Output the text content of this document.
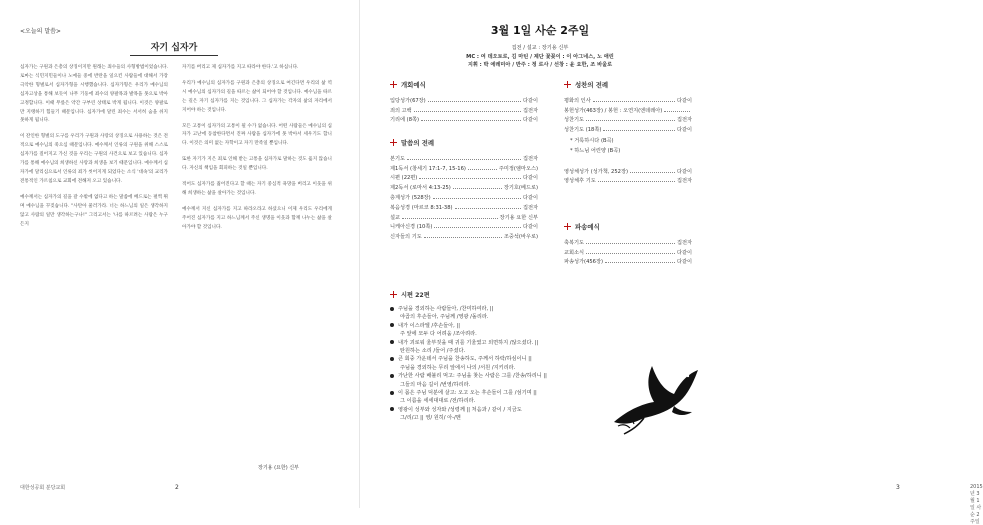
<오늘의 말씀>
자기 십자가

십자가는 구원과 은총의 상징이지만 원래는 죄수들의 사형방법이었습니다. 로마는 식민지민들이나 노예들 중에 반란을 일으킨 사람들에 대해서 가장 극악한 형벌로서 십자가형을 시행했습니다. 십자가형은 우리가 예수님의 십자고상을 통해 보듯이 나무 기둥에 죄수의 양팔목과 발목을 못으로 박아 고정합니다. 이때 무릎은 약간 구부린 상태로 박게 됩니다. 이것은 양팔로만 지탱하기 힘들기 때문입니다. 십자가에 달린 죄수는 서서히 숨을 쉬지 못하게 됩니다.

이 잔인한 형벌의 도구를 우리가 구원과 사랑의 상징으로 사용하는 것은 전적으로 예수님의 죽으심 때문입니다. 예수께서 인류의 구원을 위해 스스로 십자가를 질어지고 가신 것을 우리는 구원의 사건으로 보고 있습니다. 십자가를 통해 예수님의 희생하신 사랑과 희생을 보기 때문입니다. 예수께서 십자가에 달리심으로서 인류의 죄가 씻어지게 되었다는 소식 '대속'의 교리가 전통적인 가르침으로 교회에 전해져 오고 있습니다.

예수께서는 십자가의 길을 갈 수밖에 없다고 하는 말씀에 베드로는 펄쩍 뛰며 예수님을 꾸짖습니다. "사탄아 물러가라. 너는 하느님의 일은 생각하지 않고 사람의 일만 생각하는구나!" 그리고서는 '나를 따르려는 사람은 누구든지

자기를 버리고 제 십자가를 지고 따라야 한다.'고 하십니다.

우리가 예수님의 십자가를 구원과 은총의 상징으로 여긴다면 우리의 삶 역시 예수님의 십자가의 길을 따르는 삶이 되어야 할 것입니다. 예수님을 따르는 길은 자기 십자가를 지는 것입니다. 그 십자가는 각자의 삶의 자리에서 지어야 하는 것입니다.

모든 고통이 십자가의 고통이 될 수가 없습니다. 어떤 사람들은 예수님의 십자가 고난에 동참한다면서 진짜 사람을 십자가에 못 박아서 세우기도 합니다. 이것은 의미 없는 자학이고 자기 만족일 뿐입니다.

또한 자기가 지은 죄로 인해 받는 고통을 십자가로 말하는 것도 옳지 않습니다. 자신의 책임을 회피하는 것일 뿐입니다.

적어도 십자가를 짊어진다고 할 때는 자기 중심적 욕망을 버리고 이웃을 위해 희생하는 삶을 살아가는 것입니다.

예수께서 지신 십자가를 지고 따라오라고 하셨으니 이제 우리도 우리에게 주어진 십자가를 지고 하느님께서 주신 생명을 이웃과 함께 나누는 삶을 살아가야 할 것입니다.

장기용 (요한) 신부
대한성공회 분당교회	2
3월 1일 사순 2주일
집전 / 설교 : 장기용 신부
MC : 여 데오토로, 김 마틴 / 제단 꽃꽂이 : 이 아그네스, 노 애린
지휘 : 박 에레미아 / 반주 : 정 로사 / 선창 : 윤 요한, 조 바울로
개회예식
입당성가(67장)	다같이
죄의 고백	집전자
기리에 (8쪽)	다같이
말씀의 전례
본기도	집전자
제1독서 (창세기 17:1-7, 15-16)	주미정(엠마오스)
시편 (22편)	다같이
제2독서 (로마서 4:13-25)	장기호(베드로)
층계성가 (528장)	다같이
복음성경 (마르코 8:31-38)	집전자
설교	장기용 요한 신부
니케아신경 (10쪽)	다같이
신자들의 기도	조중석(바우로)
성찬의 전례
평화의 인사	다같이
봉헌성가(463장) / 봉헌 : 오연지(엔데레아)
성찬기도	집전자
성찬기도 (18쪽)	다같이
* 거룩하시다 (B곡)
* 하느님 어린양 (B곡)
영성체성가 (성가책, 252장)	다같이
영성체후 기도	집전자
파송예식
축복기도	집전자
교회소식	다같이
파송성가(456장)	다같이
시편 22편
주님을 경외하는 사람들아, /찬미하여라, ||
야곱의 후손들아, 주님께 /영광 /돌리라.
내가 이스라엘 /후손들아, ||
주 앞에 모두 다 어려움 /조아려라.
내가 괴로워 울부짖을 때 귀를 기울였고 외면하지 /않으셨다. ||
탄원하는 소리 /들어 /주셨다.
큰 회중 가운데서 주님을 찬송하도, 주께서 하락/하심이니 ||
주님을 경외하는 무리 앞에서 나의 /서원 /지키리라.
가난한 사람 배불리 먹고: 주님을 찾는 사람은 그를 /찬송/하리니 ||
그들의 마음 길이 /번영/하리라.
이 몸은 주님 덕분에 살고: 오고 오는 후손들이 그를 /섬기며 ||
그 이름을 세세대대로 /전/하리라.
영광이 성부와 성자와 /성령께 || 처음과 / 같이 / 지금도
그/리/고 || 영/ 원히/ 아-/멘
3	2015년 3월 1일 사순 2주일
